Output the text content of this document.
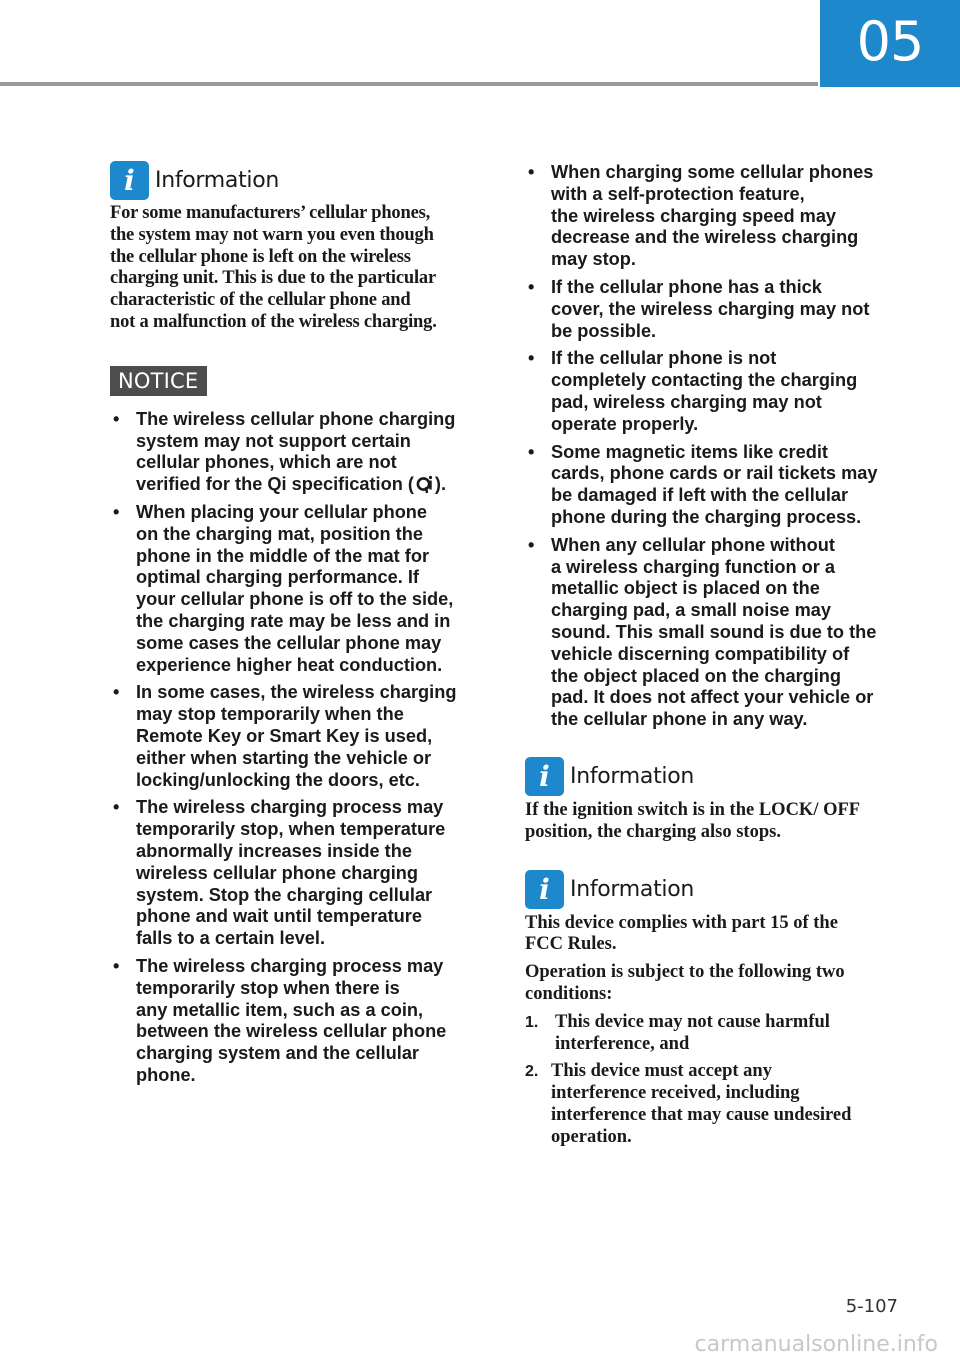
05
i Information
For some manufacturers’ cellular phones,
the system may not warn you even though
the cellular phone is left on the wireless
charging unit. This is due to the particular
characteristic of the cellular phone and
not a malfunction of the wireless charging.
NOTICE
• The wireless cellular phone charging
system may not support certain
cellular phones, which are not
verified for the Qi specification ( ).
• When placing your cellular phone
on the charging mat, position the
phone in the middle of the mat for
optimal charging performance. If
your cellular phone is off to the side,
the charging rate may be less and in
some cases the cellular phone may
experience higher heat conduction.
• In some cases, the wireless charging
may stop temporarily when the
Remote Key or Smart Key is used,
either when starting the vehicle or
locking/unlocking the doors, etc.
• The wireless charging process may
temporarily stop, when temperature
abnormally increases inside the
wireless cellular phone charging
system. Stop the charging cellular
phone and wait until temperature
falls to a certain level.
• The wireless charging process may
temporarily stop when there is
any metallic item, such as a coin,
between the wireless cellular phone
charging system and the cellular
phone.
• When charging some cellular phones
with a self-protection feature,
the wireless charging speed may
decrease and the wireless charging
may stop.
• If the cellular phone has a thick
cover, the wireless charging may not
be possible.
• If the cellular phone is not
completely contacting the charging
pad, wireless charging may not
operate properly.
• Some magnetic items like credit
cards, phone cards or rail tickets may
be damaged if left with the cellular
phone during the charging process.
• When any cellular phone without
a wireless charging function or a
metallic object is placed on the
charging pad, a small noise may
sound. This small sound is due to the
vehicle discerning compatibility of
the object placed on the charging
pad. It does not affect your vehicle or
the cellular phone in any way.
i Information
If the ignition switch is in the LOCK/ OFF
position, the charging also stops.
i Information
This device complies with part 15 of the
FCC Rules.
Operation is subject to the following two
conditions:
1. This device may not cause harmful
interference, and
2. This device must accept any
interference received, including
interference that may cause undesired
operation.
5-107
carmanualsonline.info
